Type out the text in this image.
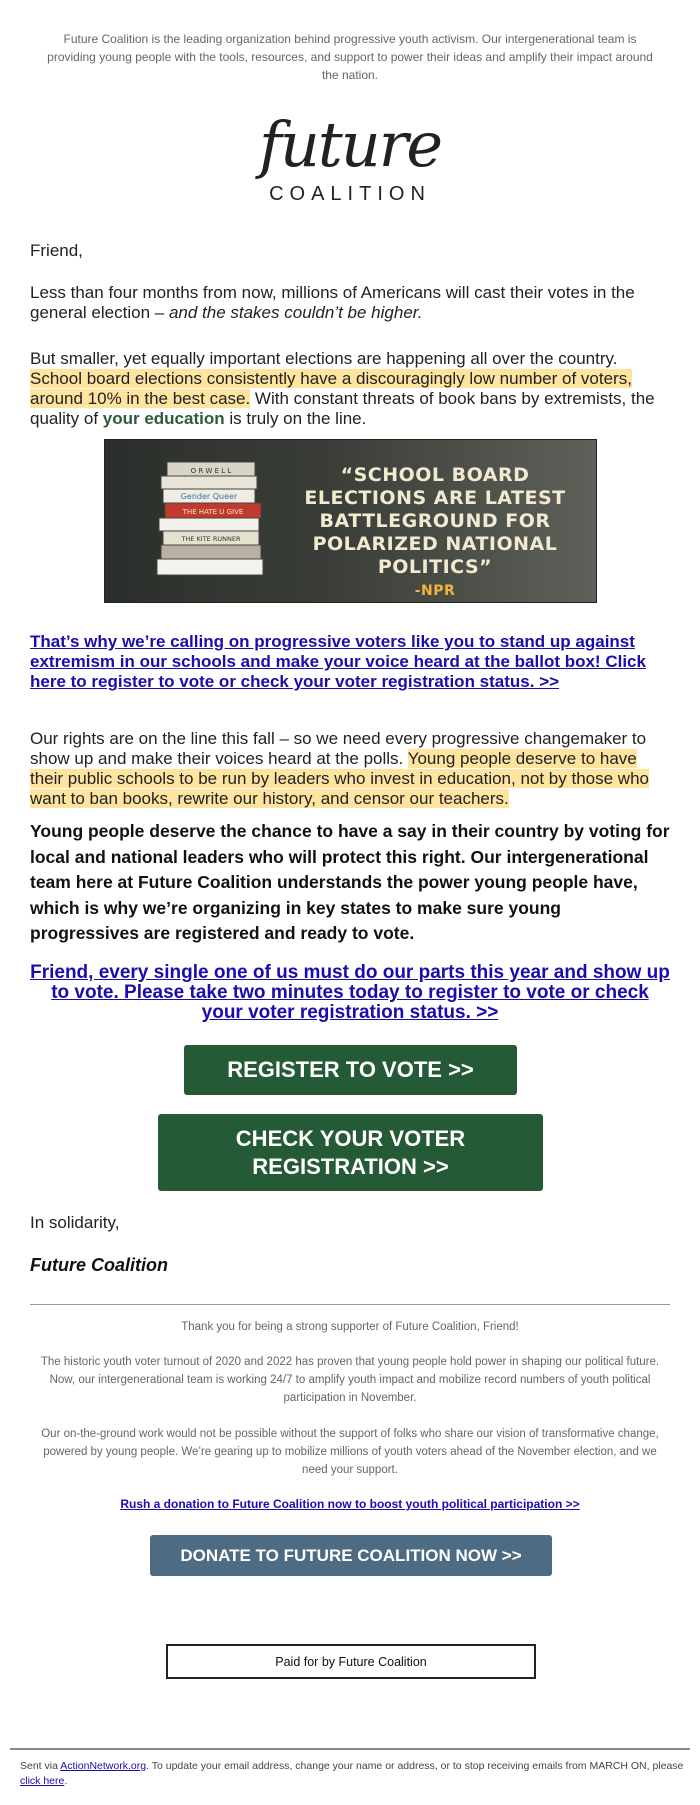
Future Coalition is the leading organization behind progressive youth activism. Our intergenerational team is providing young people with the tools, resources, and support to power their ideas and amplify their impact around the nation.
future
COALITION
Friend,
Less than four months from now, millions of Americans will cast their votes in the general election – and the stakes couldn’t be higher.
But smaller, yet equally important elections are happening all over the country. School board elections consistently have a discouragingly low number of voters, around 10% in the best case. With constant threats of book bans by extremists, the quality of your education is truly on the line.
O R W E L L
Gender Queer
THE HATE U GIVE
THE KITE RUNNER
“SCHOOL BOARD ELECTIONS ARE LATEST BATTLEGROUND FOR POLARIZED NATIONAL POLITICS”
-NPR
That’s why we’re calling on progressive voters like you to stand up against extremism in our schools and make your voice heard at the ballot box! Click here to register to vote or check your voter registration status. >>
Our rights are on the line this fall – so we need every progressive changemaker to show up and make their voices heard at the polls. Young people deserve to have their public schools to be run by leaders who invest in education, not by those who want to ban books, rewrite our history, and censor our teachers.
Young people deserve the chance to have a say in their country by voting for local and national leaders who will protect this right. Our intergenerational team here at Future Coalition understands the power young people have, which is why we’re organizing in key states to make sure young progressives are registered and ready to vote.
Friend, every single one of us must do our parts this year and show up to vote. Please take two minutes today to register to vote or check your voter registration status. >>
REGISTER TO VOTE >>
CHECK YOUR VOTER REGISTRATION >>
In solidarity,
Future Coalition
Thank you for being a strong supporter of Future Coalition, Friend!
The historic youth voter turnout of 2020 and 2022 has proven that young people hold power in shaping our political future. Now, our intergenerational team is working 24/7 to amplify youth impact and mobilize record numbers of youth political participation in November.
Our on-the-ground work would not be possible without the support of folks who share our vision of transformative change, powered by young people. We’re gearing up to mobilize millions of youth voters ahead of the November election, and we need your support.
Rush a donation to Future Coalition now to boost youth political participation >>
DONATE TO FUTURE COALITION NOW >>
Paid for by Future Coalition
Sent via ActionNetwork.org. To update your email address, change your name or address, or to stop receiving emails from MARCH ON, please click here.
